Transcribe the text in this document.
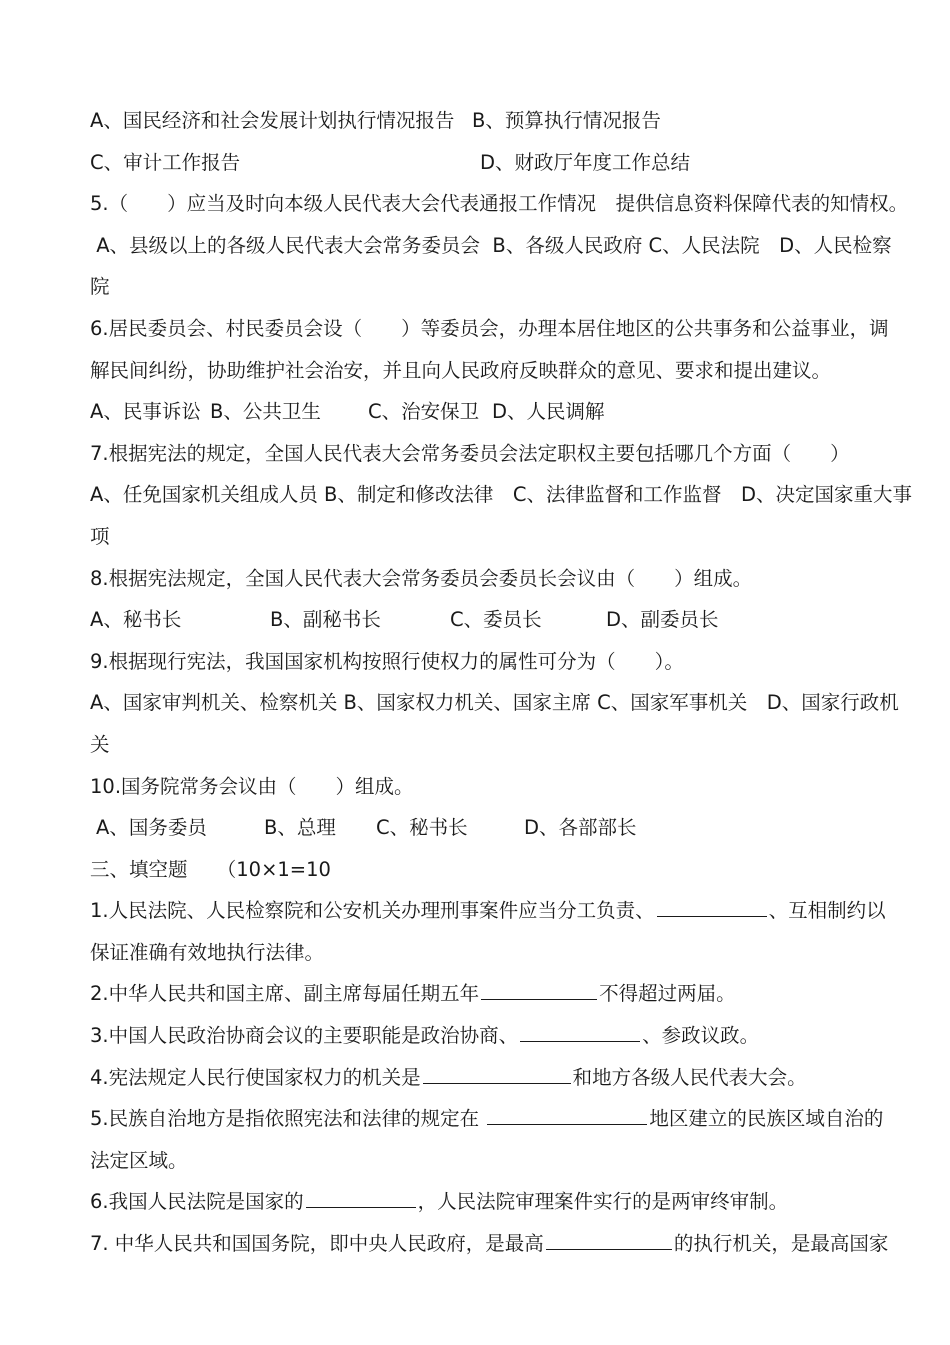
A、国民经济和社会发展计划执行情况报告 B、预算执行情况报告
C、审计工作报告	D、财政厅年度工作总结
5.（　　）应当及时向本级人民代表大会代表通报工作情况　提供信息资料保障代表的知情权。
A、县级以上的各级人民代表大会常务委员会  B、各级人民政府 C、人民法院　D、人民检察
院
6.居民委员会、村民委员会设（　　）等委员会，办理本居住地区的公共事务和公益事业，调
解民间纠纷，协助维护社会治安，并且向人民政府反映群众的意见、要求和提出建议。
A、民事诉讼 B、公共卫生 C、治安保卫 D、人民调解
7.根据宪法的规定，全国人民代表大会常务委员会法定职权主要包括哪几个方面（　　）
A、任免国家机关组成人员 B、制定和修改法律　C、法律监督和工作监督　D、决定国家重大事
项
8.根据宪法规定，全国人民代表大会常务委员会委员长会议由（　　）组成。
A、秘书长	B、副秘书长	C、委员长	D、副委员长
9.根据现行宪法，我国国家机构按照行使权力的属性可分为（　　）。
A、国家审判机关、检察机关 B、国家权力机关、国家主席 C、国家军事机关　D、国家行政机
关
10.国务院常务会议由（　　）组成。
A、国务委员	B、总理 C、秘书长	D、各部部长
三、填空题　　（10×1=10
1.人民法院、人民检察院和公安机关办理刑事案件应当分工负责、	、互相制约以
保证准确有效地执行法律。
2.中华人民共和国主席、副主席每届任期五年	不得超过两届。
3.中国人民政治协商会议的主要职能是政治协商、	、参政议政。
4.宪法规定人民行使国家权力的机关是	和地方各级人民代表大会。
5.民族自治地方是指依照宪法和法律的规定在	地区建立的民族区域自治的
法定区域。
6.我国人民法院是国家的	，人民法院审理案件实行的是两审终审制。
7. 中华人民共和国国务院，即中央人民政府，是最高	的执行机关，是最高国家
